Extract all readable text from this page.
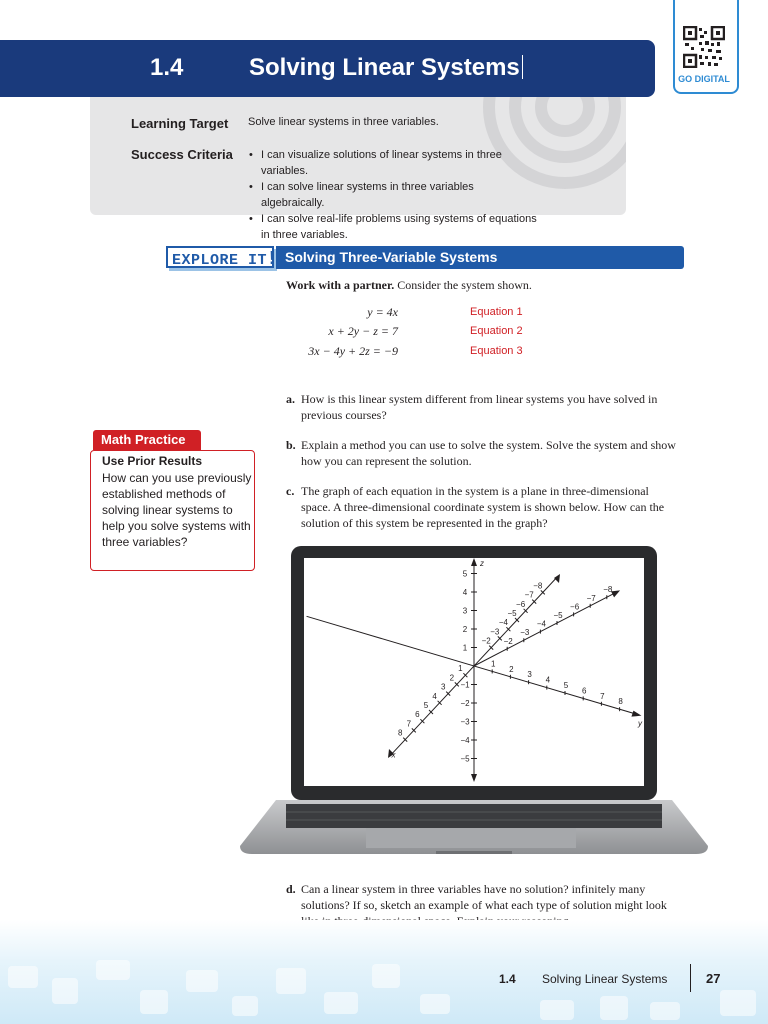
1.4	Solving Linear Systems	GO DIGITAL
Learning Target Solve linear systems in three variables.
Success Criteria
•	I can visualize solutions of linear systems in three variables.
• I can solve linear systems in three variables algebraically.
• I can solve real-life problems using systems of equations in three variables.
EXPLORE IT ! Solving Three-Variable Systems
Work with a partner. Consider the system shown.
y = 4x	Equation 1
x + 2y − z = 7	Equation 2
3x − 4y + 2z = −9	Equation 3
a. How is this linear system different from linear systems you have solved in previous courses?
b. Explain a method you can use to solve the system. Solve the system and show how you can represent the solution.
c. The graph of each equation in the system is a plane in three-dimensional space. A three-dimensional coordinate system is shown below. How can the solution of this system be represented in the graph?
d. Can a linear system in three variables have no solution? infinitely many solutions? If so, sketch an example of what each type of solution might look
Math Practice
Use Prior Results
How can you use previously established methods of solving linear systems to help you solve systems with three variables?
z
5
4
3
2
1
−1
−2
−3
−4
−5
x
−8
−7
−6
−5
−4
−3
−2
1
2
3
4
5
6
7
8
y
−2
−3
−4
−5
−6
−7
−8
1
2
3
4
5
6
7
8
1.4 Solving Linear Systems	27
